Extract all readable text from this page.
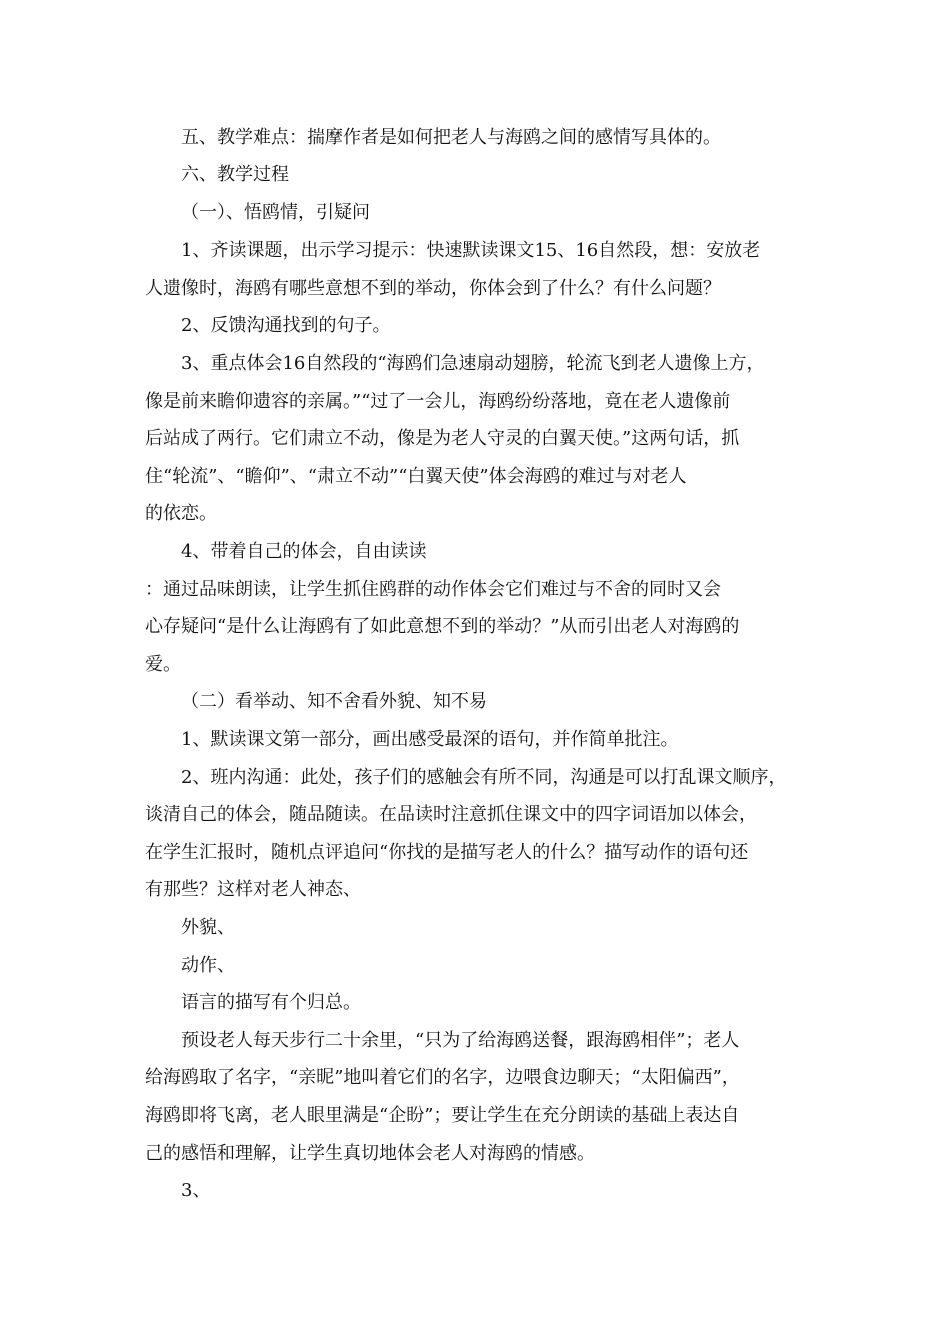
五、教学难点：揣摩作者是如何把老人与海鸥之间的感情写具体的。
六、教学过程
（一）、悟鸥情，引疑问
1、齐读课题，出示学习提示：快速默读课文15、16自然段，想：安放老
人遗像时，海鸥有哪些意想不到的举动，你体会到了什么？有什么问题？
2、反馈沟通找到的句子。
3、重点体会16自然段的“海鸥们急速扇动翅膀，轮流飞到老人遗像上方，
像是前来瞻仰遗容的亲属。”“过了一会儿，海鸥纷纷落地，竟在老人遗像前
后站成了两行。它们肃立不动，像是为老人守灵的白翼天使。”这两句话，抓
住“轮流”、“瞻仰”、“肃立不动”“白翼天使”体会海鸥的难过与对老人
的依恋。
4、带着自己的体会，自由读读
：通过品味朗读，让学生抓住鸥群的动作体会它们难过与不舍的同时又会
心存疑问“是什么让海鸥有了如此意想不到的举动？”从而引出老人对海鸥的
爱。
（二）看举动、知不舍看外貌、知不易
1、默读课文第一部分，画出感受最深的语句，并作简单批注。
2、班内沟通：此处，孩子们的感触会有所不同，沟通是可以打乱课文顺序，
谈清自己的体会，随品随读。在品读时注意抓住课文中的四字词语加以体会，
在学生汇报时，随机点评追问“你找的是描写老人的什么？描写动作的语句还
有那些？这样对老人神态、
外貌、
动作、
语言的描写有个归总。
预设老人每天步行二十余里，“只为了给海鸥送餐，跟海鸥相伴”；老人
给海鸥取了名字，“亲昵”地叫着它们的名字，边喂食边聊天；“太阳偏西”，
海鸥即将飞离，老人眼里满是“企盼”；要让学生在充分朗读的基础上表达自
己的感悟和理解，让学生真切地体会老人对海鸥的情感。
3、
